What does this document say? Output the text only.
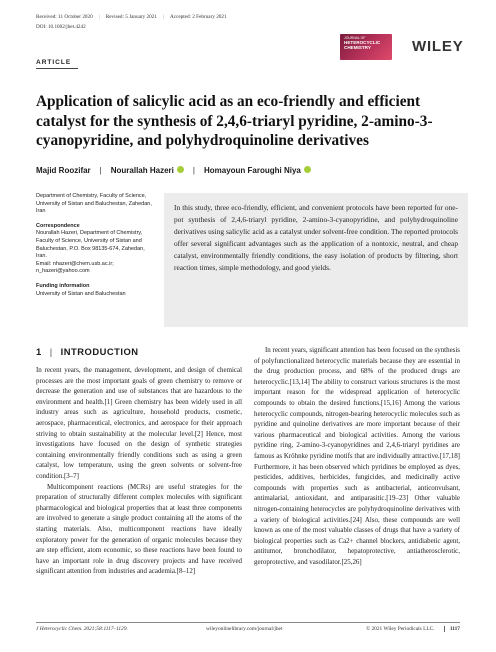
Received: 11 October 2020 | Revised: 5 January 2021 | Accepted: 2 February 2021
DOI: 10.1002/jhet.4242
ARTICLE
JOURNAL OF
HETEROCYCLIC CHEMISTRY	WILEY
Application of salicylic acid as an eco-friendly and efficient catalyst for the synthesis of 2,4,6-triaryl pyridine, 2-amino-3-cyanopyridine, and polyhydroquinoline derivatives
Majid Roozifar | Nourallah Hazeri	| Homayoun Faroughi Niya

Department of Chemistry, Faculty of Science, University of Sistan and Baluchestan, Zahedan, Iran

Correspondence

Nourallah Hazeri, Department of Chemistry, Faculty of Science, University of Sistan and Baluchestan, P.O. Box 98135-674, Zahedan, Iran.

Email: nhazeri@chem.usb.ac.ir;

n_hazeri@yahoo.com

Funding information

University of Sistan and Baluchestan

In this study, three eco-friendly, efficient, and convenient protocols have been reported for one-pot synthesis of 2,4,6-triaryl pyridine, 2-amino-3-cyanopyridine, and polyhydroquinoline derivatives using salicylic acid as a catalyst under solvent-free condition. The reported protocols offer several significant advantages such as the application of a nontoxic, neutral, and cheap catalyst, environmentally friendly conditions, the easy isolation of products by filtering, short reaction times, simple methodology, and good yields.
1 | INTRODUCTION

In recent years, the management, development, and design of chemical processes are the most important goals of green chemistry to remove or decrease the generation and use of substances that are hazardous to the environment and health.[1] Green chemistry has been widely used in all industry areas such as agriculture, household products, cosmetic, aerospace, pharmaceutical, electronics, and aerospace for their approach striving to obtain sustainability at the molecular level.[2] Hence, most investigations have focused on the design of synthetic strategies containing environmentally friendly conditions such as using a green catalyst, low temperature, using the green solvents or solvent-free condition.[3–7]

Multicomponent reactions (MCRs) are useful strategies for the preparation of structurally different complex molecules with significant pharmacological and biological properties that at least three components are involved to generate a single product containing all the atoms of the starting materials. Also, multicomponent reactions have ideally exploratory power for the generation of organic molecules because they are step efficient, atom economic, so these reactions have been found to have an important role in drug discovery projects and have received significant attention from industries and academia.[8–12]

In recent years, significant attention has been focused on the synthesis of polyfunctionalized heterocyclic materials because they are essential in the drug production process, and 68% of the produced drugs are heterocyclic.[13,14] The ability to construct various structures is the most important reason for the widespread application of heterocyclic compounds to obtain the desired functions.[15,16] Among the various heterocyclic compounds, nitrogen-bearing heterocyclic molecules such as pyridine and quinoline derivatives are more important because of their various pharmaceutical and biological activities. Among the various pyridine ring, 2-amino-3-cyanopyridines and 2,4,6-triaryl pyridines are famous as Kröhnke pyridine motifs that are individually attractive.[17,18] Furthermore, it has been observed which pyridines be employed as dyes, pesticides, additives, herbicides, fungicides, and medicinally active compounds with properties such as antibacterial, anticonvulsant, antimalarial, antioxidant, and antiparasitic.[19–23] Other valuable nitrogen-containing heterocycles are polyhydroquinoline derivatives with a variety of biological activities.[24] Also, these compounds are well known as one of the most valuable classes of drugs that have a variety of biological properties such as Ca2+ channel blockers, antidiabetic agent, antitumor, bronchodilator, hepatoprotective, antiatherosclerotic, geroprotective, and vasodilator.[25,26]

J Heterocyclic Chem. 2021;58:1117–1129.	wileyonlinelibrary.com/journal/jhet	© 2021 Wiley Periodicals LLC.	1117
